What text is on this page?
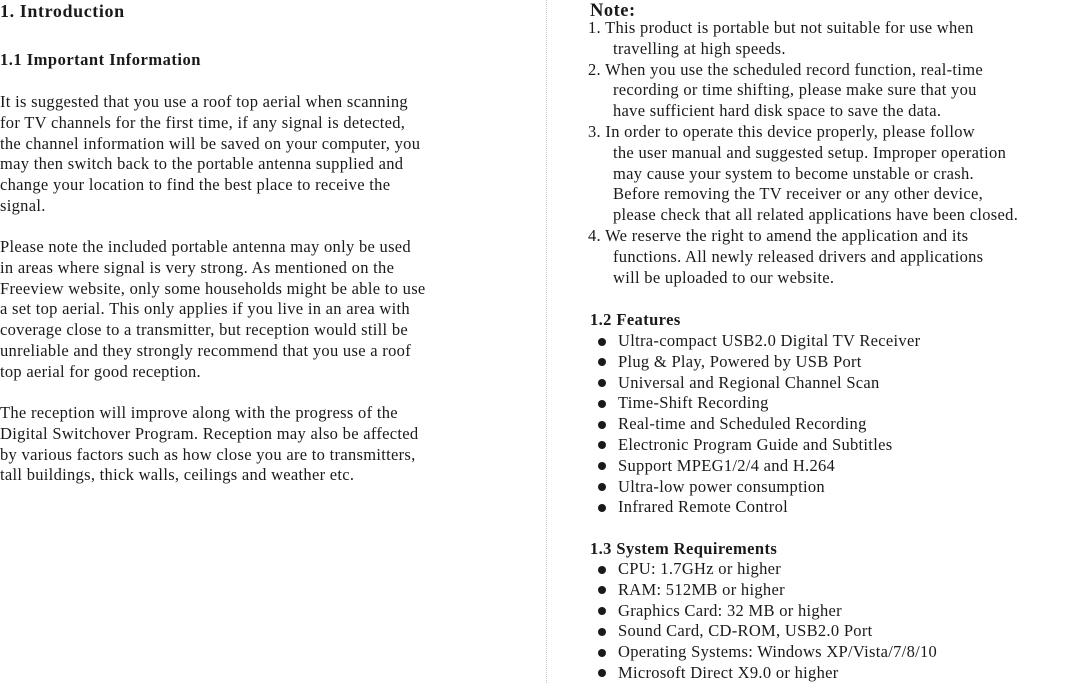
1. Introduction
1.1 Important Information
It is suggested that you use a roof top aerial when scanning
for TV channels for the first time, if any signal is detected,
the channel information will be saved on your computer, you
may then switch back to the portable antenna supplied and
change your location to find the best place to receive the
signal.
Please note the included portable antenna may only be used
in areas where signal is very strong. As mentioned on the
Freeview website, only some households might be able to use
a set top aerial. This only applies if you live in an area with
coverage close to a transmitter, but reception would still be
unreliable and they strongly recommend that you use a roof
top aerial for good reception.
The reception will improve along with the progress of the
Digital Switchover Program. Reception may also be affected
by various factors such as how close you are to transmitters,
tall buildings, thick walls, ceilings and weather etc.
Note:
1. This product is portable but not suitable for use when
travelling at high speeds.
2. When you use the scheduled record function, real-time
recording or time shifting, please make sure that you
have sufficient hard disk space to save the data.
3. In order to operate this device properly, please follow
the user manual and suggested setup. Improper operation
may cause your system to become unstable or crash.
Before removing the TV receiver or any other device,
please check that all related applications have been closed.
4. We reserve the right to amend the application and its
functions. All newly released drivers and applications
will be uploaded to our website.
1.2 Features
Ultra-compact USB2.0 Digital TV Receiver
Plug & Play, Powered by USB Port
Universal and Regional Channel Scan
Time-Shift Recording
Real-time and Scheduled Recording
Electronic Program Guide and Subtitles
Support MPEG1/2/4 and H.264
Ultra-low power consumption
Infrared Remote Control
1.3 System Requirements
CPU: 1.7GHz or higher
RAM: 512MB or higher
Graphics Card: 32 MB or higher
Sound Card, CD-ROM, USB2.0 Port
Operating Systems: Windows XP/Vista/7/8/10
Microsoft Direct X9.0 or higher
